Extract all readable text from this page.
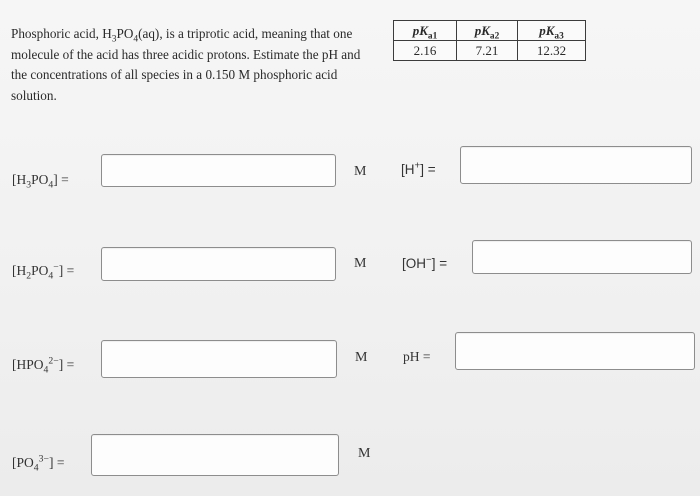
Phosphoric acid, $H_3PO_4(aq)$, is a triprotic acid, meaning that one molecule of the acid has three acidic protons. Estimate the pH and the concentrations of all species in a 0.150 M phosphoric acid solution.

$pK_{a1}$	$pK_{a2}$	$pK_{a3}$
2.16	7.21	12.32
$[H_3PO_4]$ =
M
$[H_2PO_4^-]$ =	M
$[HPO_4^{2-}]$ =	M
$[PO_4^{3-}]$ =
M
[H+] =
[OH−] =
pH =
